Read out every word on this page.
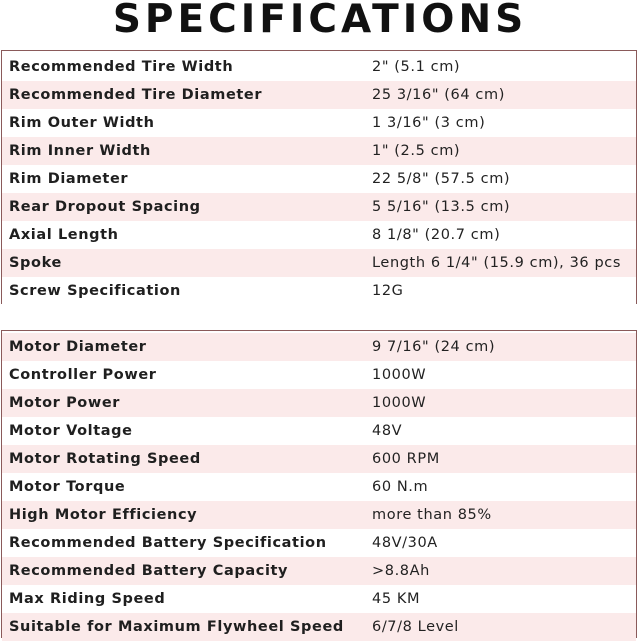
SPECIFICATIONS
Recommended Tire Width	2" (5.1 cm)
Recommended Tire Diameter	25 3/16" (64 cm)
Rim Outer Width	1 3/16" (3 cm)
Rim Inner Width	1" (2.5 cm)
Rim Diameter	22 5/8" (57.5 cm)
Rear Dropout Spacing	5 5/16" (13.5 cm)
Axial Length	8 1/8" (20.7 cm)
Spoke	Length 6 1/4" (15.9 cm), 36 pcs
Screw Specification	12G
Motor Diameter	9 7/16" (24 cm)
Controller Power	1000W
Motor Power	1000W
Motor Voltage	48V
Motor Rotating Speed	600 RPM
Motor Torque	60 N.m
High Motor Efficiency	more than 85%
Recommended Battery Specification	48V/30A
Recommended Battery Capacity	>8.8Ah
Max Riding Speed	45 KM
Suitable for Maximum Flywheel Speed	6/7/8 Level
